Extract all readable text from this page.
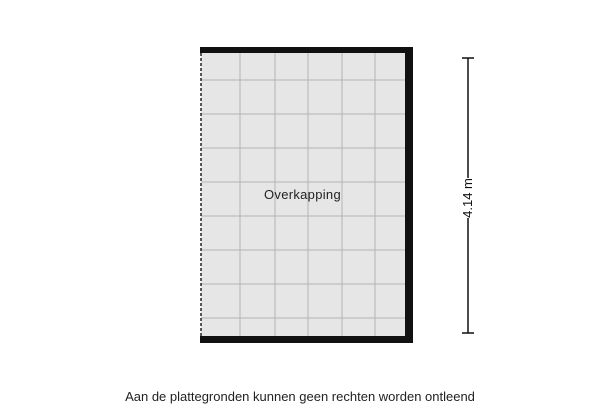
Overkapping	4.14 m
Aan de plattegronden kunnen geen rechten worden ontleend
